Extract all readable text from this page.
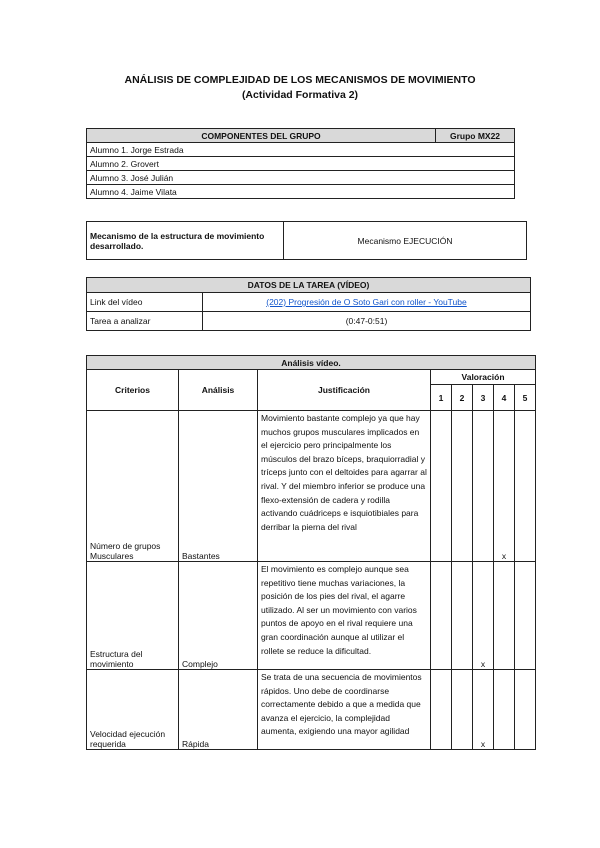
ANÁLISIS DE COMPLEJIDAD DE LOS MECANISMOS DE MOVIMIENTO
(Actividad Formativa 2)
COMPONENTES DEL GRUPO	Grupo MX22
Alumno 1. Jorge Estrada
Alumno 2. Grovert
Alumno 3. José Julián
Alumno 4. Jaime Vilata
Mecanismo de la estructura de movimiento desarrollado.	Mecanismo EJECUCIÓN
DATOS DE LA TAREA (VÍDEO)	
Link del vídeo	(202) Progresión de O Soto Gari con roller - YouTube
Tarea a analizar	(0:47-0:51)
Análisis vídeo.							
Criterios	Análisis	Justificación	Valoración				
			1	2	3	4	5
Número de grupos Musculares	Bastantes	Movimiento bastante complejo ya que hay muchos grupos musculares implicados en el ejercicio pero principalmente los músculos del brazo bíceps, braquiorradial y tríceps junto con el deltoides para agarrar al rival. Y del miembro inferior se produce una flexo-extensión de cadera y rodilla activando cuádriceps e isquiotibiales para derribar la pierna del rival				x	
Estructura del movimiento	Complejo	El movimiento es complejo aunque sea repetitivo tiene muchas variaciones, la posición de los pies del rival, el agarre utilizado. Al ser un movimiento con varios puntos de apoyo en el rival requiere una gran coordinación aunque al utilizar el rollete se reduce la dificultad.			x		
Velocidad ejecución requerida	Rápida	Se trata de una secuencia de movimientos rápidos. Uno debe de coordinarse correctamente debido a que a medida que avanza el ejercicio, la complejidad aumenta, exigiendo una mayor agilidad			x		
